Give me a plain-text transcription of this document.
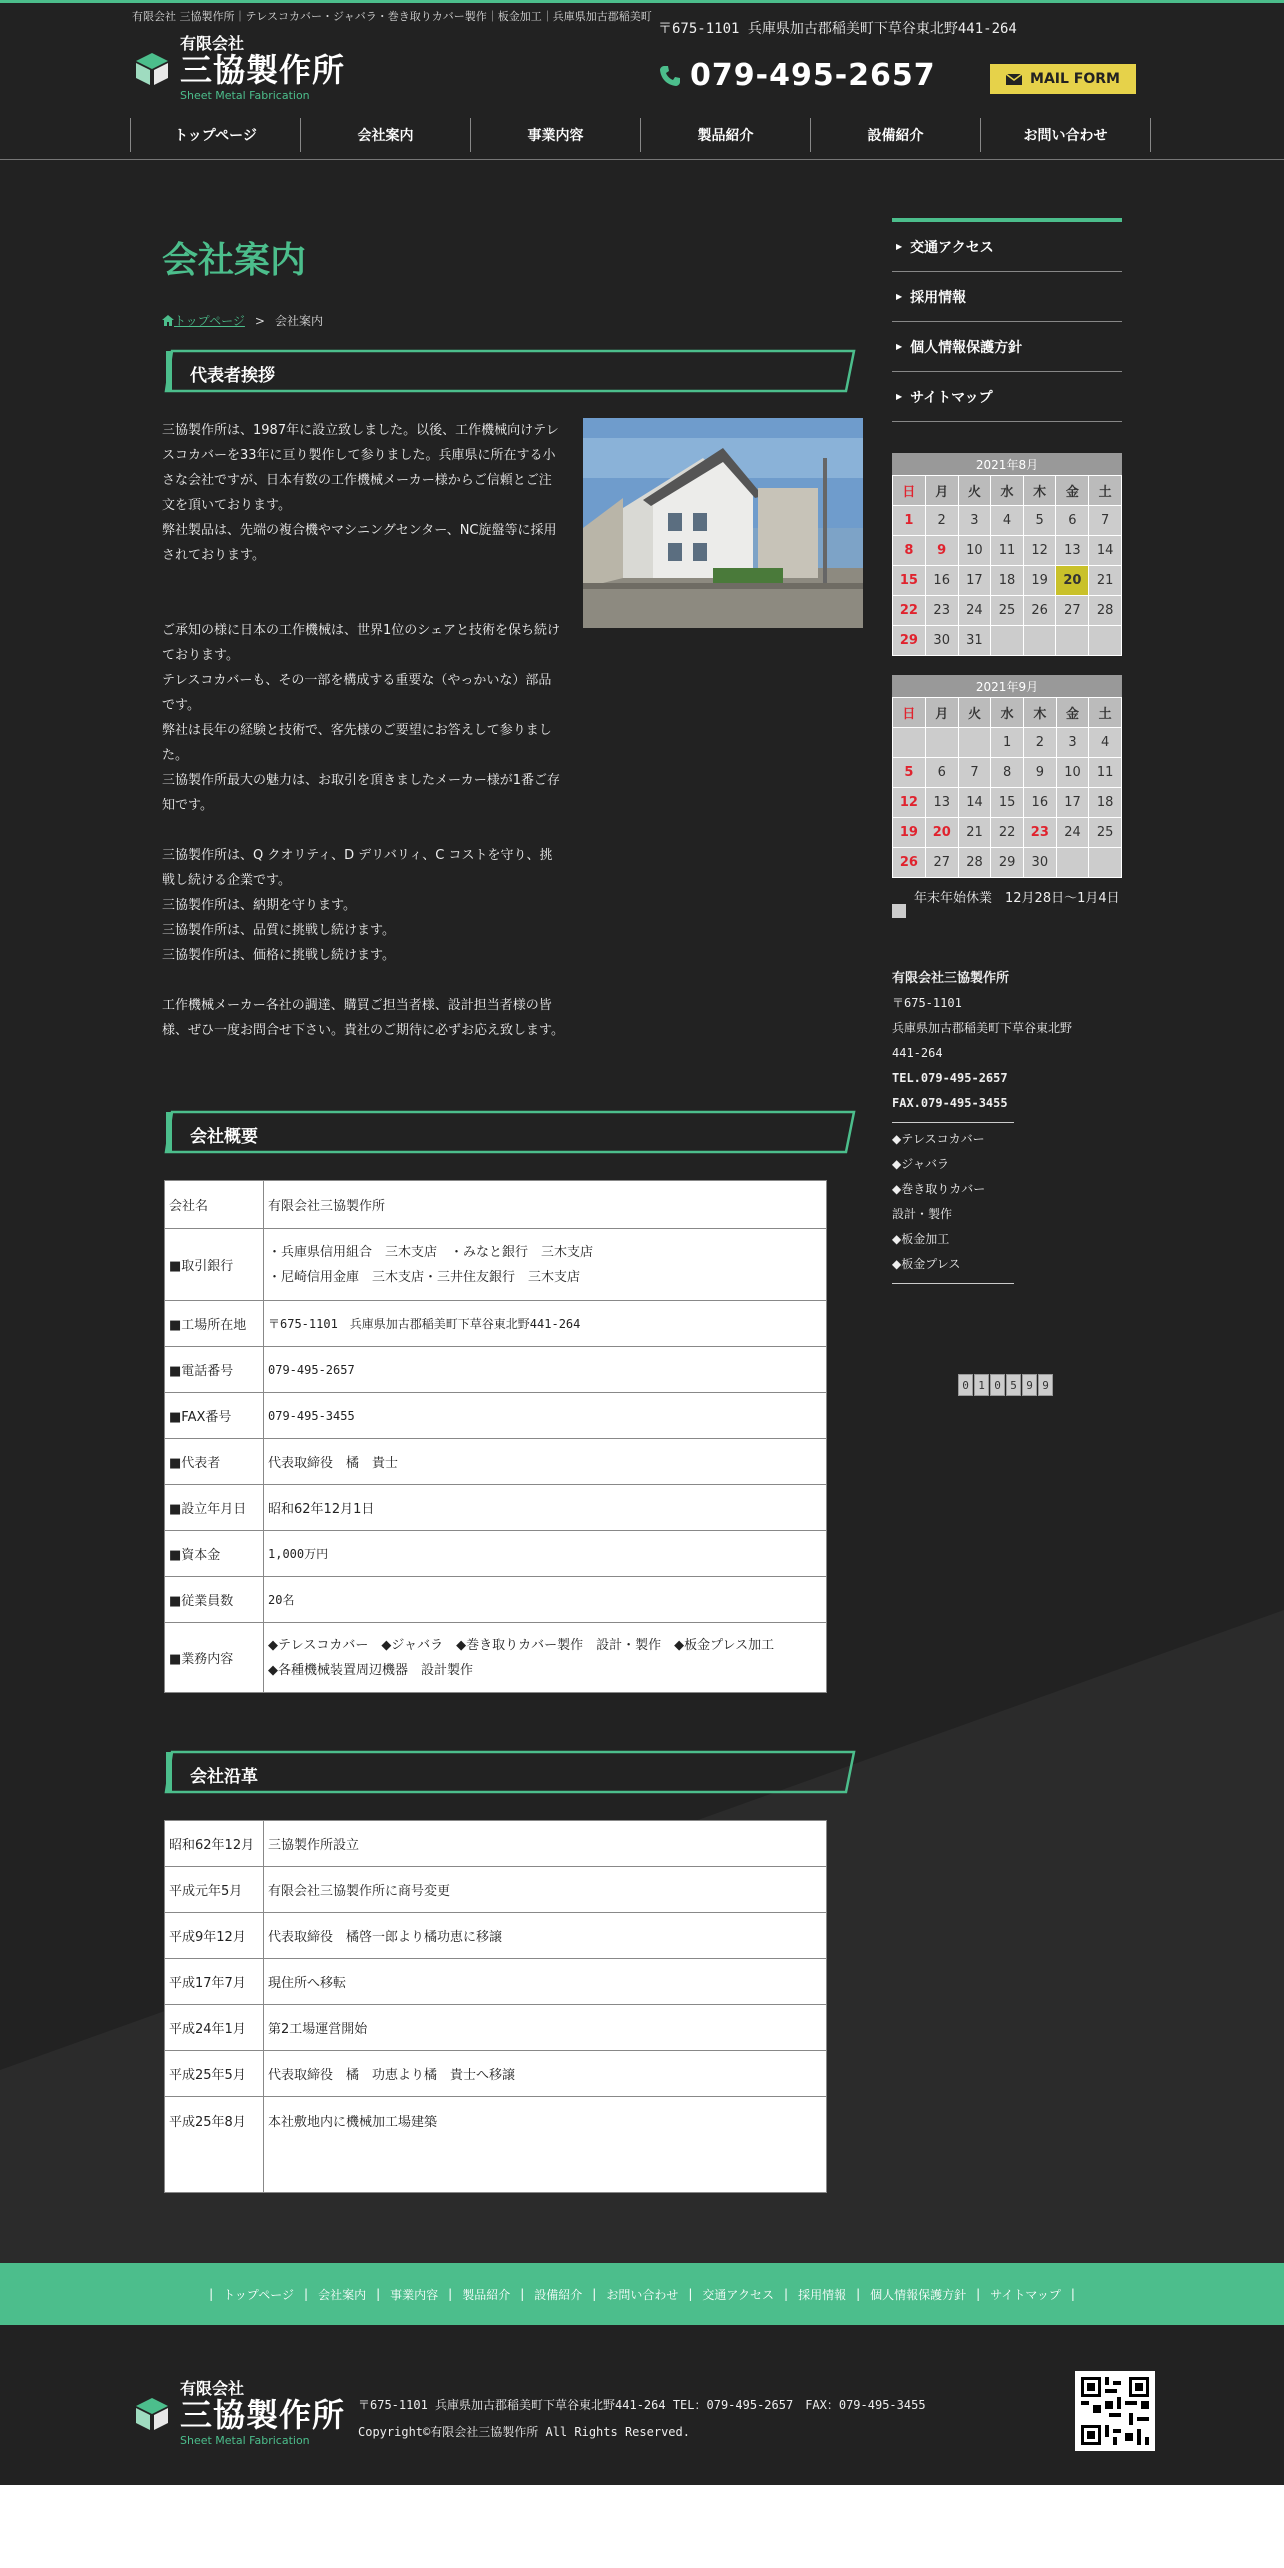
有限会社 三協製作所｜テレスコカバー・ジャバラ・巻き取りカバー製作｜板金加工｜兵庫県加古郡稲美町
〒675-1101 兵庫県加古郡稲美町下草谷東北野441-264
有限会社
三協製作所
Sheet Metal Fabrication
079-495-2657	MAIL FORM
トップページ	会社案内	事業内容	製品紹介	設備紹介	お問い合わせ
会社案内
トップページ > 会社案内
代表者挨拶

三協製作所は、1987年に設立致しました。以後、工作機械向けテレスコカバーを33年に亘り製作して参りました。兵庫県に所在する小さな会社ですが、日本有数の工作機械メーカー様からご信頼とご注文を頂いております。

弊社製品は、先端の複合機やマシニングセンター、NC旋盤等に採用されております。

ご承知の様に日本の工作機械は、世界1位のシェアと技術を保ち続けております。

テレスコカバーも、その一部を構成する重要な（やっかいな）部品です。

弊社は長年の経験と技術で、客先様のご要望にお答えして参りました。

三協製作所最大の魅力は、お取引を頂きましたメーカー様が1番ご存知です。

三協製作所は、Q クオリティ、D デリバリィ、C コストを守り、挑戦し続ける企業です。

三協製作所は、納期を守ります。

三協製作所は、品質に挑戦し続けます。

三協製作所は、価格に挑戦し続けます。

工作機械メーカー各社の調達、購買ご担当者様、設計担当者様の皆様、ぜひ一度お問合せ下さい。貴社のご期待に必ずお応え致します。

会社概要
会社名	有限会社三協製作所
■取引銀行	・兵庫県信用組合　三木支店　・みなと銀行　三木支店
・尼崎信用金庫　三木支店・三井住友銀行　三木支店

■工場所在地	〒675-1101　兵庫県加古郡稲美町下草谷東北野441-264
■電話番号	079-495-2657
■FAX番号	079-495-3455
■代表者	代表取締役　橘　貴士
■設立年月日	昭和62年12月1日
■資本金	1,000万円
■従業員数	20名
■業務内容	◆テレスコカバー　◆ジャバラ　◆巻き取りカバー製作　設計・製作　◆板金プレス加工
◆各種機械装置周辺機器　設計製作
会社沿革
昭和62年12月	三協製作所設立
平成元年5月	有限会社三協製作所に商号変更
平成9年12月	代表取締役　橘啓一郎より橘功恵に移譲
平成17年7月	現住所へ移転
平成24年1月	第2工場運営開始
平成25年5月	代表取締役　橘　功恵より橘　貴士へ移譲
平成25年8月	本社敷地内に機械加工場建築
▶ 交通アクセス
▶ 採用情報
▶ 個人情報保護方針
▶ サイトマップ
2021年8月
日	月	火	水	木	金	土
1	2	3	4	5	6	7
8	9	10	11	12	13	14
15	16	17	18	19	20	21
22	23	24	25	26	27	28
29	30	31				
2021年9月
日	月	火	水	木	金	土
			1	2	3	4
5	6	7	8	9	10	11
12	13	14	15	16	17	18
19	20	21	22	23	24	25
26	27	28	29	30		
年末年始休業　12月28日～1月4日
有限会社三協製作所
〒675-1101
兵庫県加古郡稲美町下草谷東北野
441-264
TEL.079-495-2657
FAX.079-495-3455
◆テレスコカバー
◆ジャバラ
◆巻き取りカバー
設計・製作
◆板金加工
◆板金プレス
0 1 0 5 9 9
| トップページ | 会社案内 | 事業内容 | 製品紹介 | 設備紹介 | お問い合わせ | 交通アクセス | 採用情報 | 個人情報保護方針 | サイトマップ |
有限会社
三協製作所
Sheet Metal Fabrication
〒675-1101 兵庫県加古郡稲美町下草谷東北野441-264 TEL：079-495-2657　FAX：079-495-3455
Copyright©有限会社三協製作所 All Rights Reserved.
